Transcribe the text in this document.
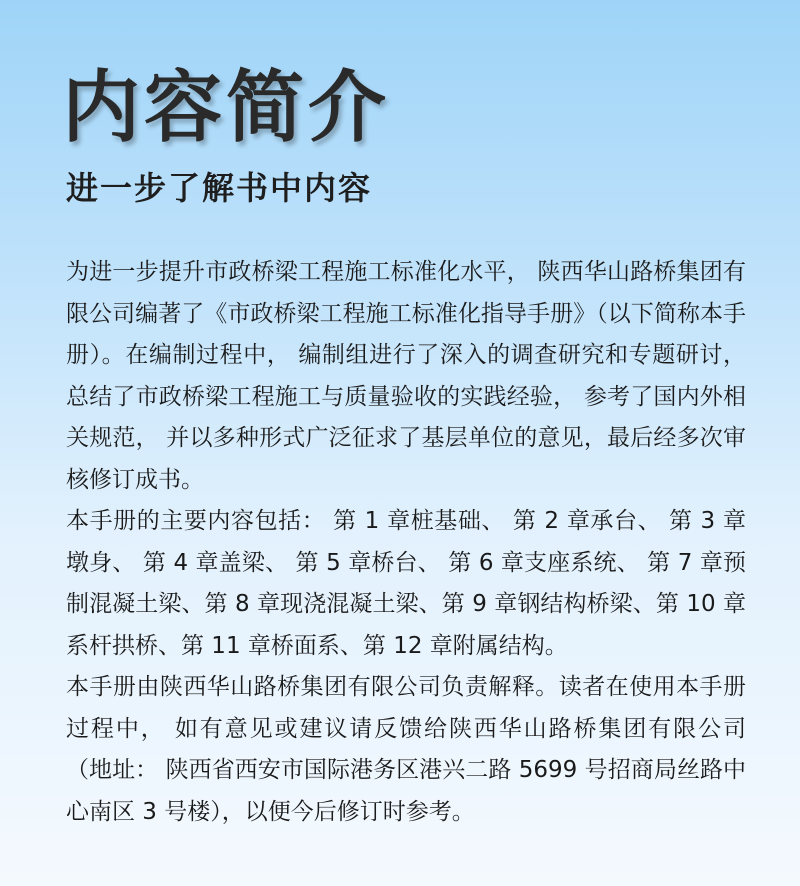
内容简介
进一步了解书中内容

为进一步提升市政桥梁工程施工标准化水平， 陕西华山路桥集团有限公司编著了《市政桥梁工程施工标准化指导手册》（以下简称本手册）。在编制过程中， 编制组进行了深入的调查研究和专题研讨， 总结了市政桥梁工程施工与质量验收的实践经验， 参考了国内外相关规范， 并以多种形式广泛征求了基层单位的意见，最后经多次审核修订成书。

本手册的主要内容包括： 第 1 章桩基础、 第 2 章承台、 第 3 章墩身、 第 4 章盖梁、 第 5 章桥台、 第 6 章支座系统、 第 7 章预制混凝土梁、第 8 章现浇混凝土梁、第 9 章钢结构桥梁、第 10 章系杆拱桥、第 11 章桥面系、第 12 章附属结构。

本手册由陕西华山路桥集团有限公司负责解释。读者在使用本手册过程中， 如有意见或建议请反馈给陕西华山路桥集团有限公司 （地址： 陕西省西安市国际港务区港兴二路 5699 号招商局丝路中心南区 3 号楼），以便今后修订时参考。
